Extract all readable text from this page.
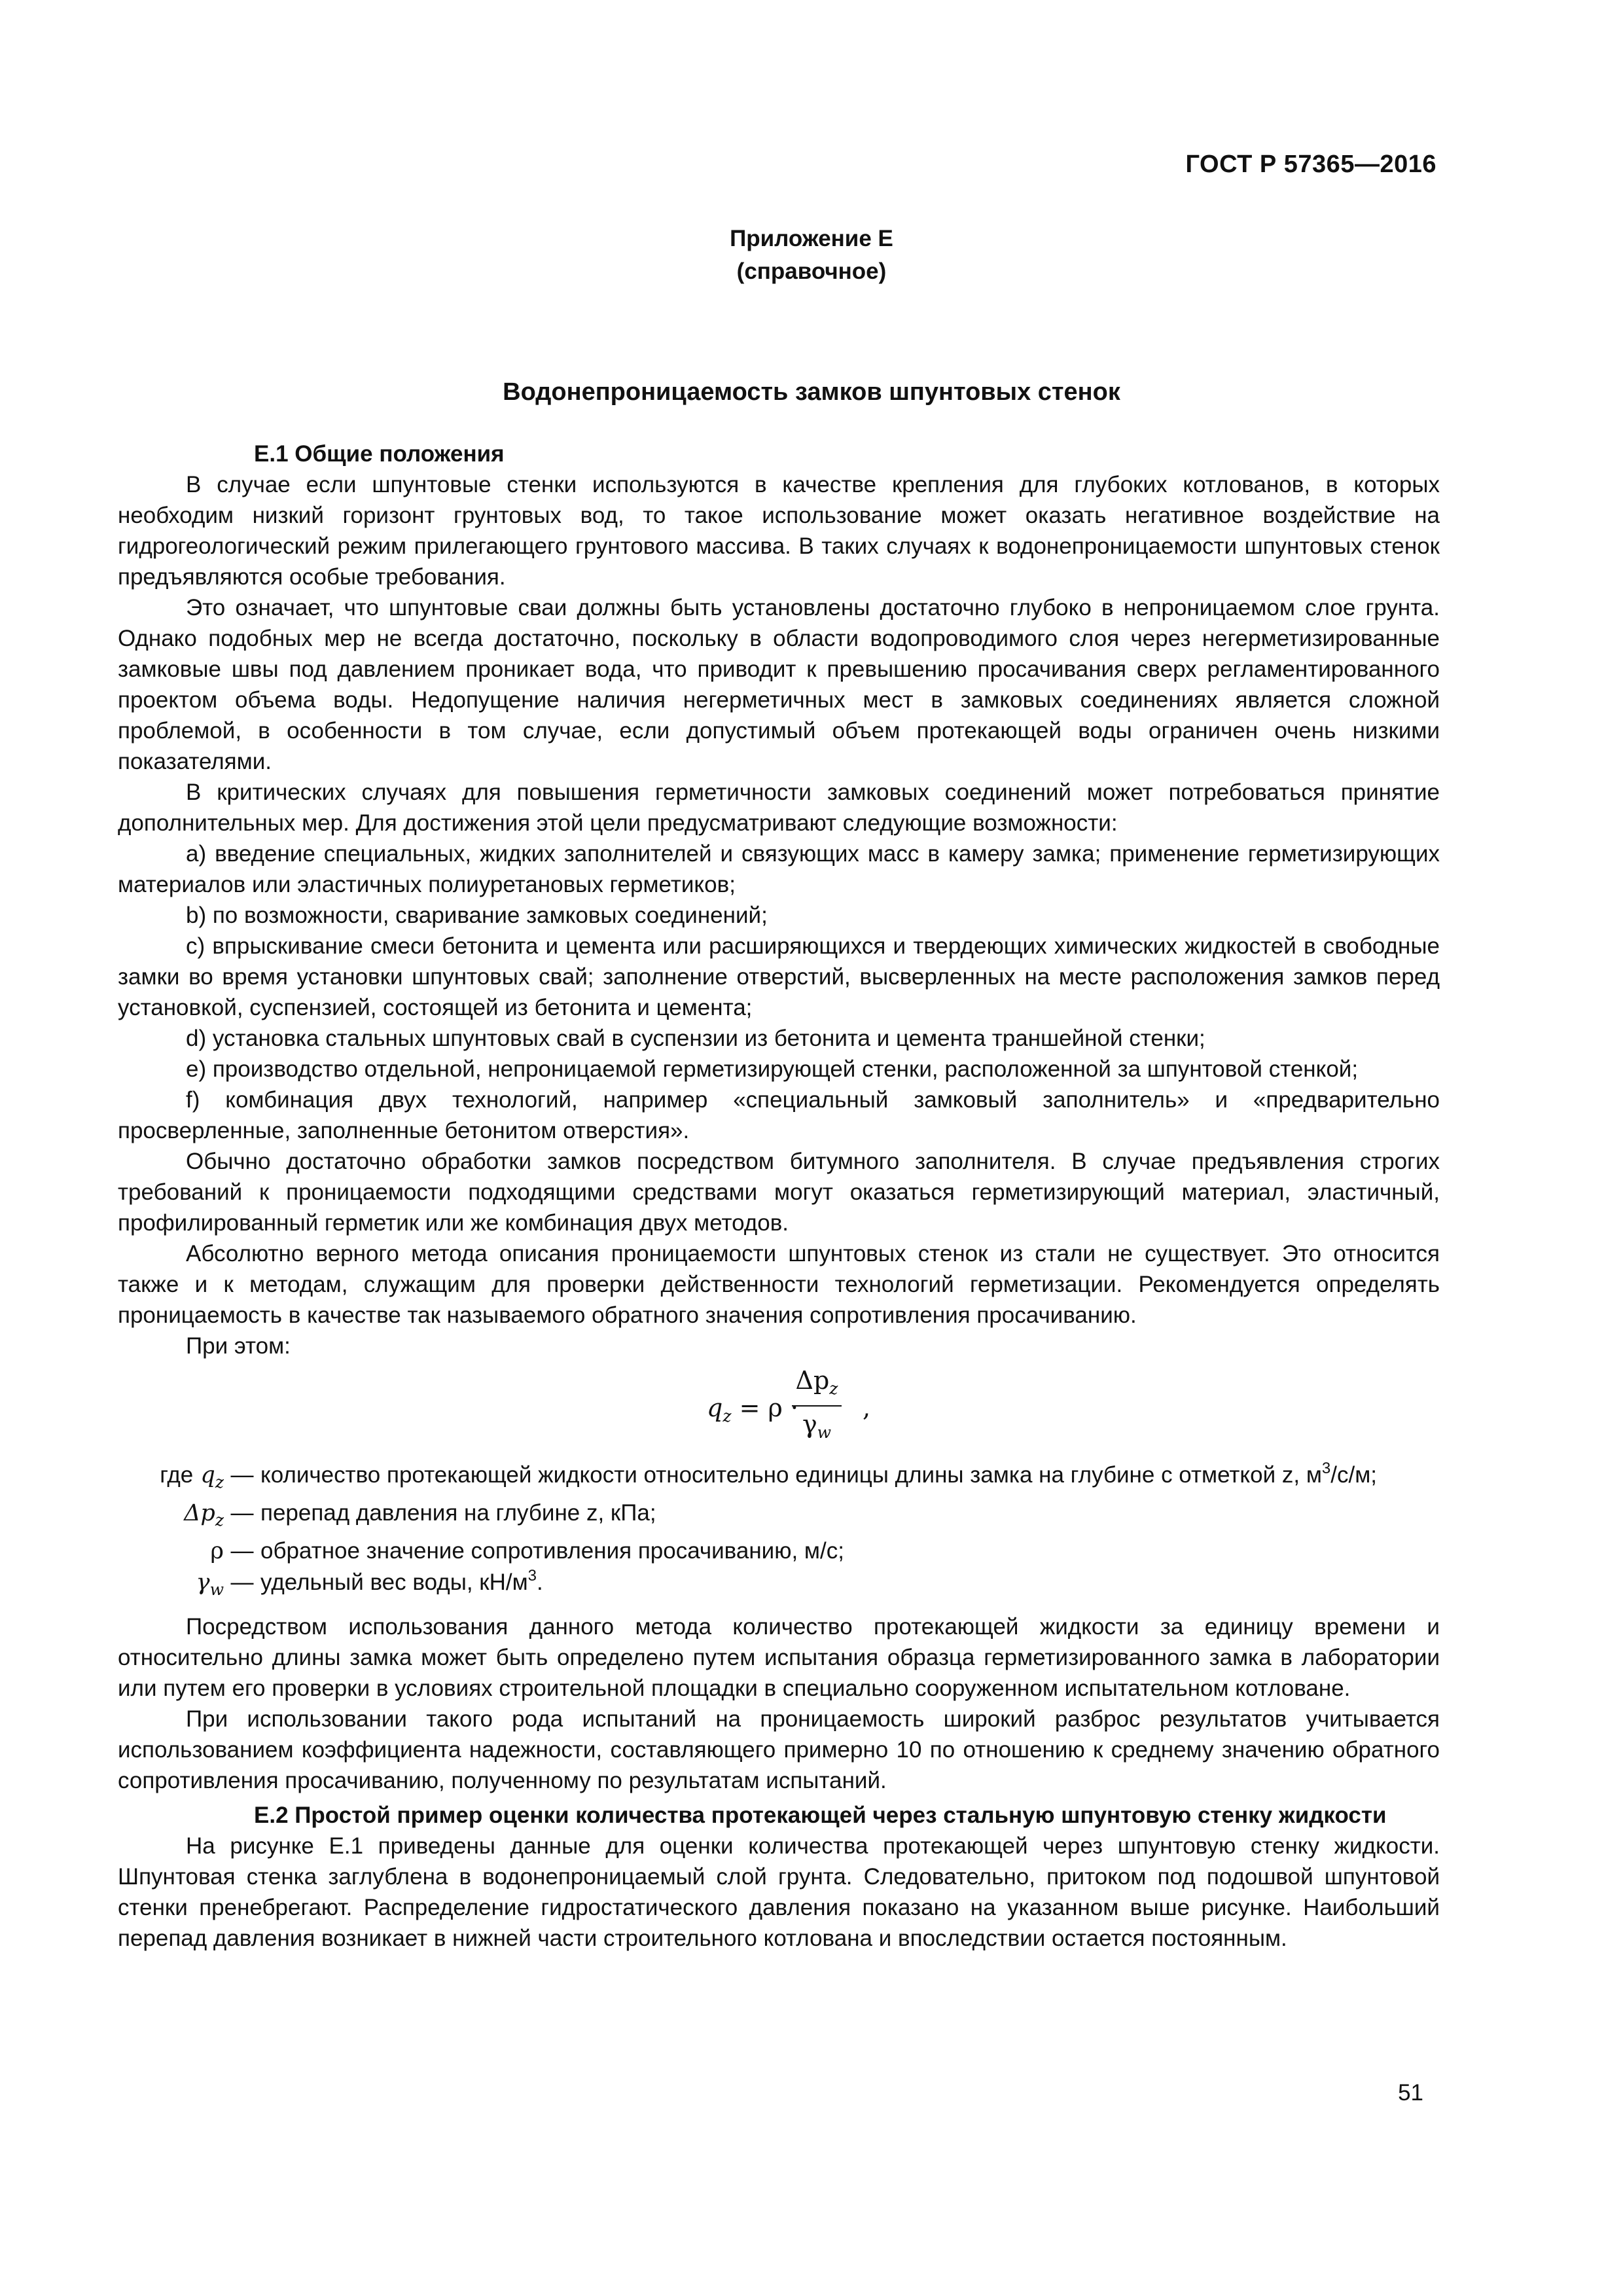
ГОСТ Р 57365—2016
Приложение Е
(справочное)
Водонепроницаемость замков шпунтовых стенок

Е.1 Общие положения

В случае если шпунтовые стенки используются в качестве крепления для глубоких котлованов, в которых необходим низкий горизонт грунтовых вод, то такое использование может оказать негативное воздействие на гидрогеологический режим прилегающего грунтового массива. В таких случаях к водонепроницаемости шпунтовых стенок предъявляются особые требования.

Это означает, что шпунтовые сваи должны быть установлены достаточно глубоко в непроницаемом слое грунта. Однако подобных мер не всегда достаточно, поскольку в области водопроводимого слоя через негерметизированные замковые швы под давлением проникает вода, что приводит к превышению просачивания сверх регламентированного проектом объема воды. Недопущение наличия негерметичных мест в замковых соединениях является сложной проблемой, в особенности в том случае, если допустимый объем протекающей воды ограничен очень низкими показателями.

В критических случаях для повышения герметичности замковых соединений может потребоваться принятие дополнительных мер. Для достижения этой цели предусматривают следующие возможности:

a) введение специальных, жидких заполнителей и связующих масс в камеру замка; применение герметизирующих материалов или эластичных полиуретановых герметиков;

b) по возможности, сваривание замковых соединений;

c) впрыскивание смеси бетонита и цемента или расширяющихся и твердеющих химических жидкостей в свободные замки во время установки шпунтовых свай; заполнение отверстий, высверленных на месте расположения замков перед установкой, суспензией, состоящей из бетонита и цемента;

d) установка стальных шпунтовых свай в суспензии из бетонита и цемента траншейной стенки;

e) производство отдельной, непроницаемой герметизирующей стенки, расположенной за шпунтовой стенкой;

f) комбинация двух технологий, например «специальный замковый заполнитель» и «предварительно просверленные, заполненные бетонитом отверстия».

Обычно достаточно обработки замков посредством битумного заполнителя. В случае предъявления строгих требований к проницаемости подходящими средствами могут оказаться герметизирующий материал, эластичный, профилированный герметик или же комбинация двух методов.

Абсолютно верного метода описания проницаемости шпунтовых стенок из стали не существует. Это относится также и к методам, служащим для проверки действенности технологий герметизации. Рекомендуется определять проницаемость в качестве так называемого обратного значения сопротивления просачиванию.

При этом:

$q_z = \rho$ ·
$\Delta p_z$
$\gamma_w$
,
где $q_z$ — количество протекающей жидкости относительно единицы длины замка на глубине с отметкой z, $м^3/с/м$;
$\Delta p_z$ — перепад давления на глубине z, кПа;
ρ — обратное значение сопротивления просачиванию, м/с;
$\gamma_w$ — удельный вес воды, $кН/м^3$.

Посредством использования данного метода количество протекающей жидкости за единицу времени и относительно длины замка может быть определено путем испытания образца герметизированного замка в лаборатории или путем его проверки в условиях строительной площадки в специально сооруженном испытательном котловане.

При использовании такого рода испытаний на проницаемость широкий разброс результатов учитывается использованием коэффициента надежности, составляющего примерно 10 по отношению к среднему значению обратного сопротивления просачиванию, полученному по результатам испытаний.

Е.2 Простой пример оценки количества протекающей через стальную шпунтовую стенку жидкости

На рисунке Е.1 приведены данные для оценки количества протекающей через шпунтовую стенку жидкости. Шпунтовая стенка заглублена в водонепроницаемый слой грунта. Следовательно, притоком под подошвой шпунтовой стенки пренебрегают. Распределение гидростатического давления показано на указанном выше рисунке. Наибольший перепад давления возникает в нижней части строительного котлована и впоследствии остается постоянным.

51
